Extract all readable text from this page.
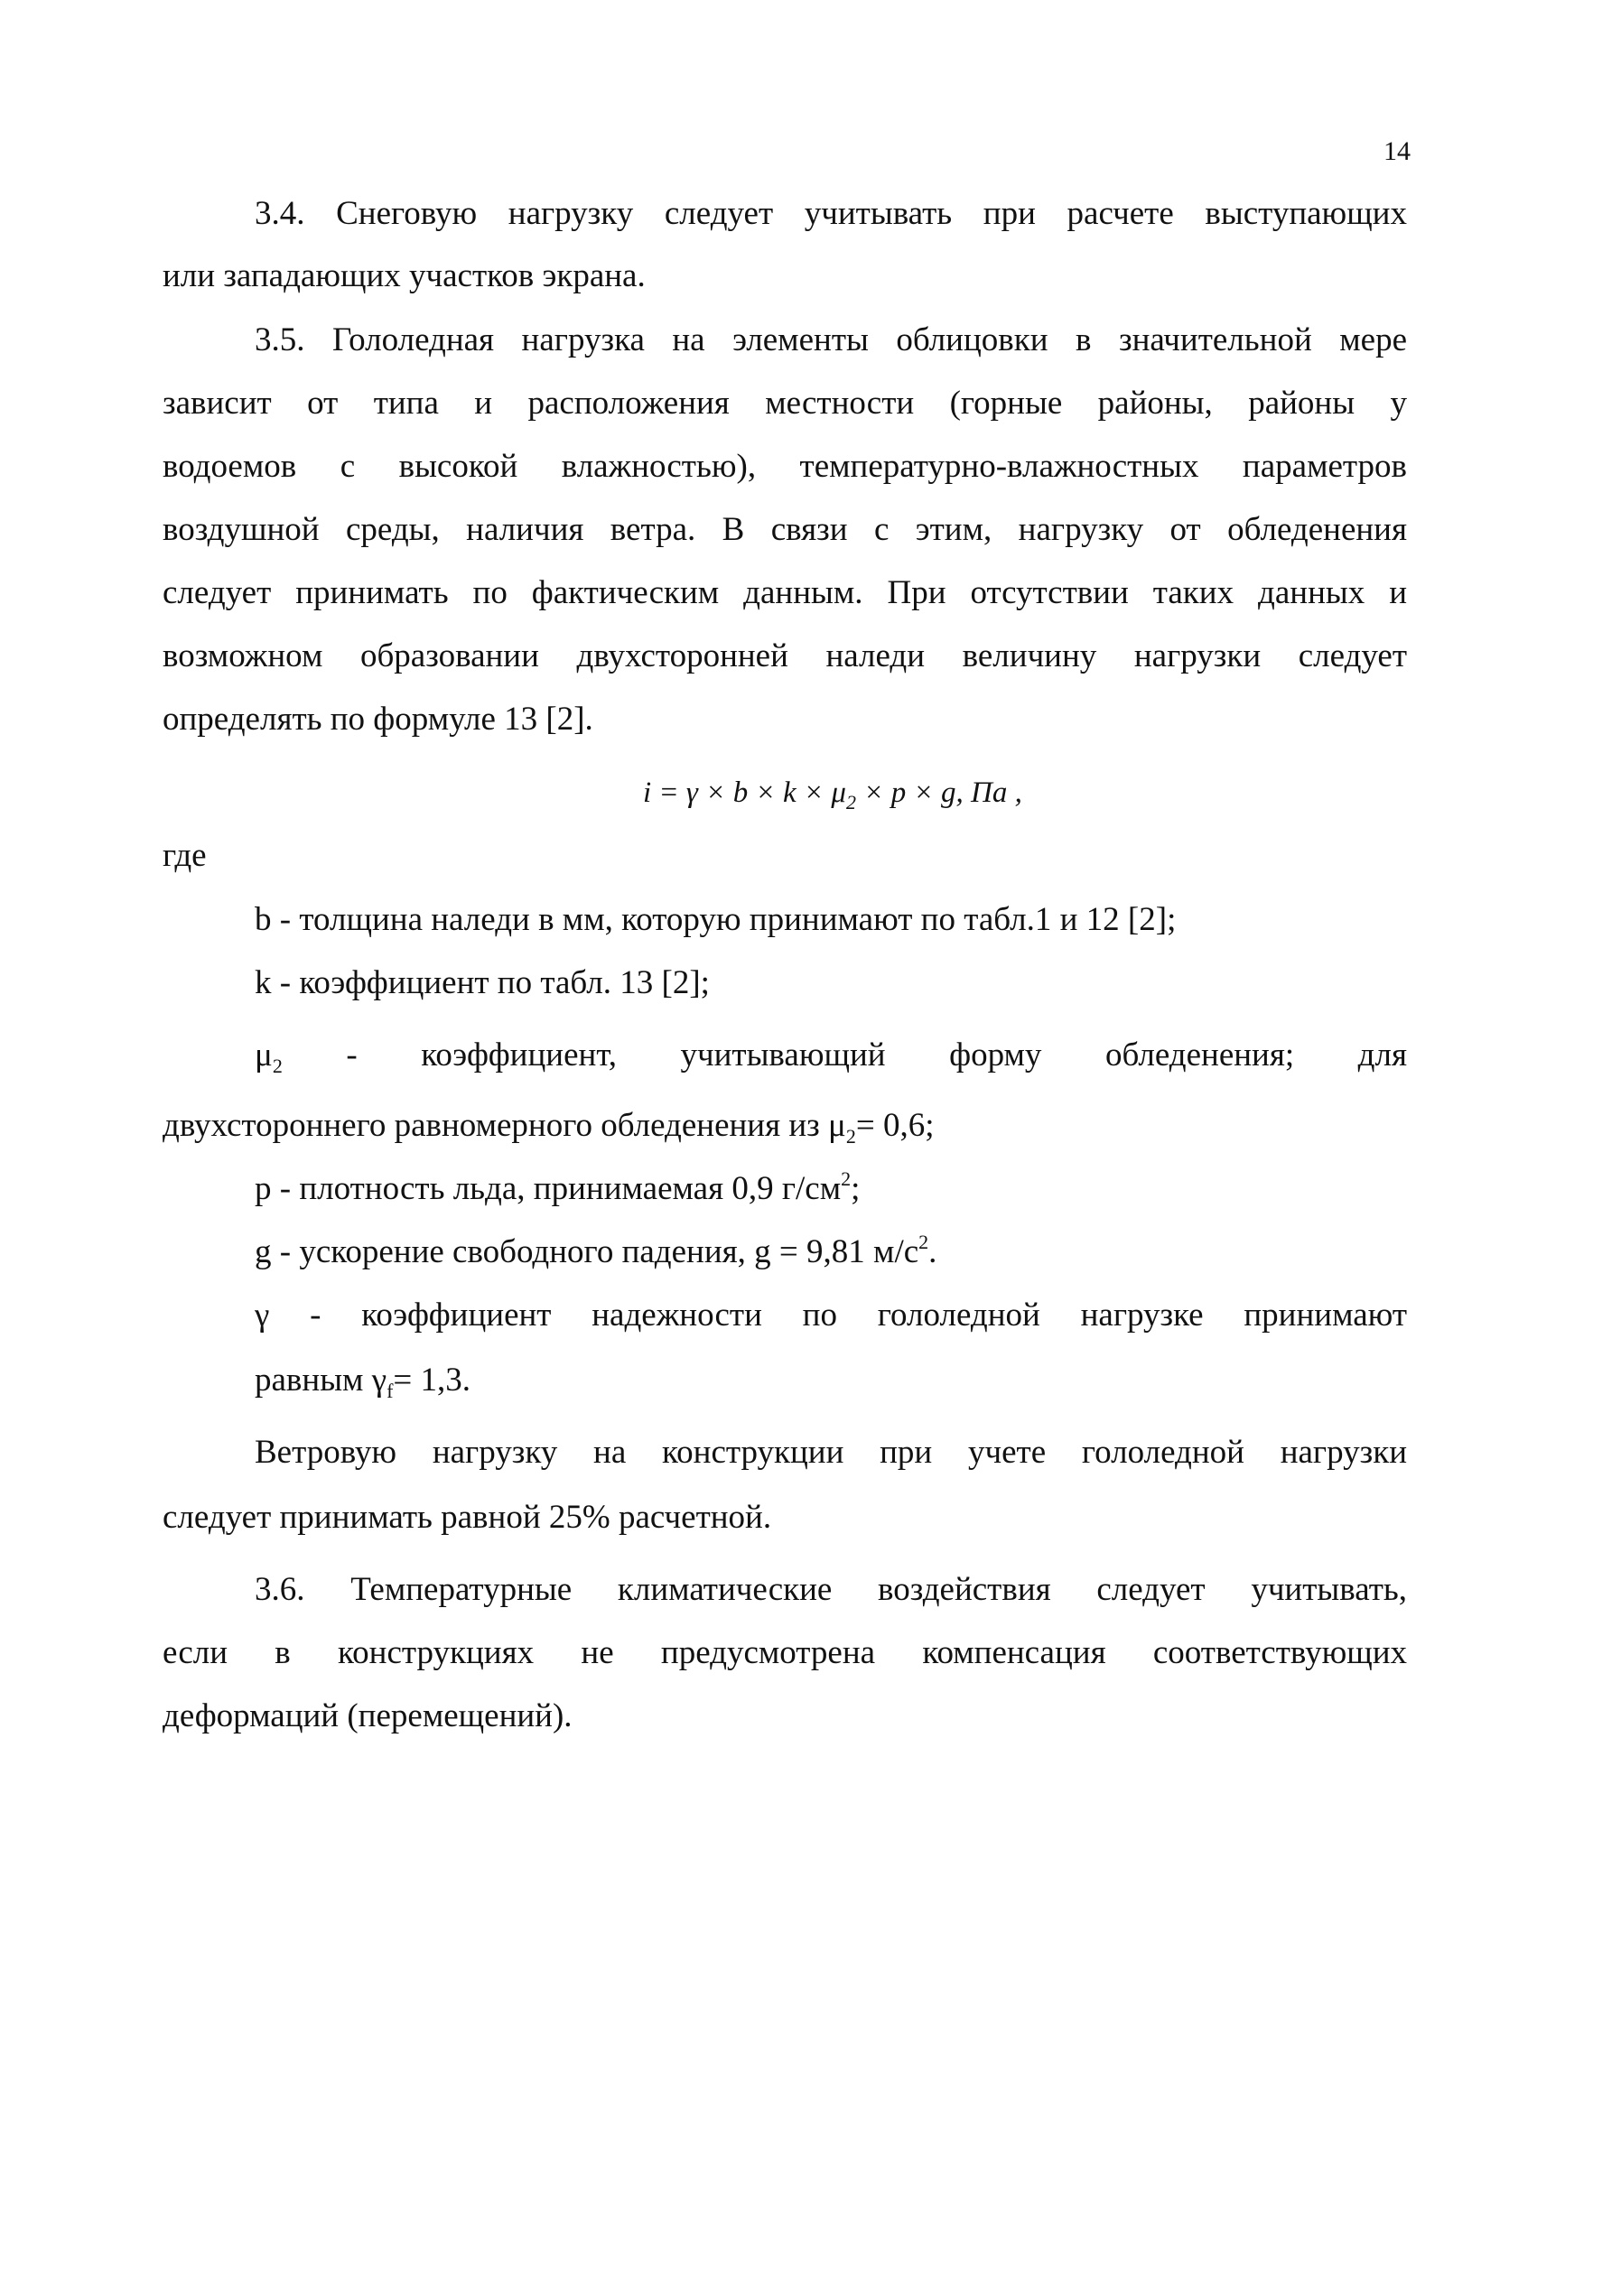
14
3.4. Снеговую нагрузку следует учитывать при расчете выступающих
или западающих участков экрана.
3.5. Гололедная нагрузка на элементы облицовки в значительной мере
зависит от типа и расположения местности (горные районы, районы у
водоемов с высокой влажностью), температурно-влажностных параметров
воздушной среды, наличия ветра. В связи с этим, нагрузку от обледенения
следует принимать по фактическим данным. При отсутствии таких данных и
возможном образовании двухсторонней наледи величину нагрузки следует
определять по формуле 13 [2].
$i = \gamma \times b \times k \times \mu_2 \times p \times g$, Па ,
где
b - толщина наледи в мм, которую принимают по табл.1 и 12 [2];
k - коэффициент по табл. 13 [2];
$\mu_2$ - коэффициент, учитывающий форму обледенения; для
двухстороннего равномерного обледенения из $\mu_2= 0,6$;
р - плотность льда, принимаемая 0,9 $г/см^2$;
g - ускорение свободного падения, g = 9,81 $м/с^2$.
γ - коэффициент надежности по гололедной нагрузке принимают
равным $\gamma_f= 1,3$.
Ветровую нагрузку на конструкции при учете гололедной нагрузки
следует принимать равной 25% расчетной.
3.6. Температурные климатические воздействия следует учитывать,
если в конструкциях не предусмотрена компенсация соответствующих
деформаций (перемещений).
